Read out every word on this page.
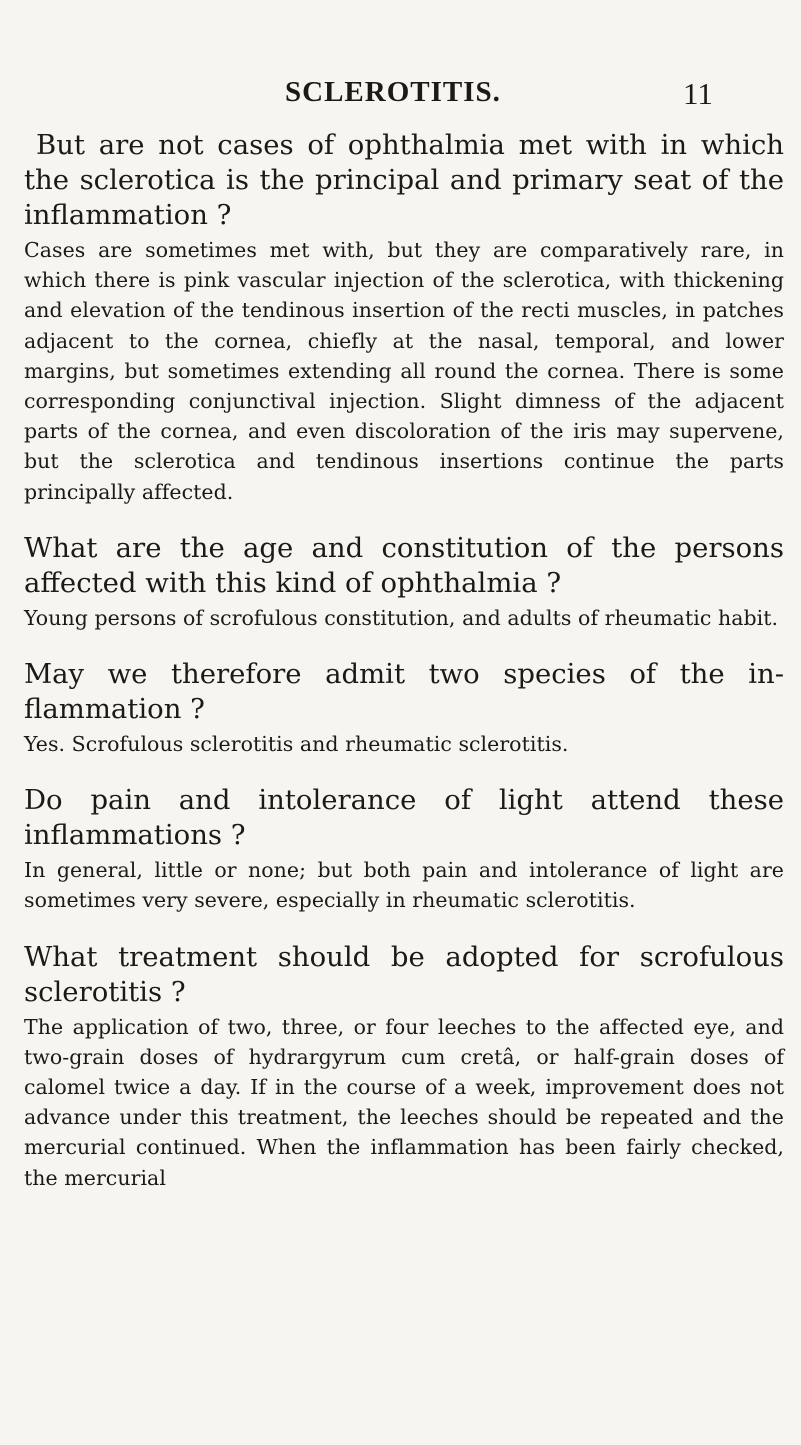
SCLEROTITIS.	11

But are not cases of ophthalmia met with in which the sclerotica is the principal and primary seat of the inflammation ?

Cases are sometimes met with, but they are comparatively rare, in which there is pink vascular injection of the sclerotica, with thickening and elevation of the tendinous insertion of the recti muscles, in patches adjacent to the cornea, chiefly at the nasal, temporal, and lower margins, but sometimes extending all round the cornea. There is some corresponding conjunctival injection. Slight dimness of the adjacent parts of the cornea, and even discoloration of the iris may supervene, but the sclerotica and tendinous insertions continue the parts principally affected.

What are the age and constitution of the persons affected with this kind of ophthalmia ?

Young persons of scrofulous constitution, and adults of rheumatic habit.

May we therefore admit two species of the inflammation ?

Yes. Scrofulous sclerotitis and rheumatic sclerotitis.

Do pain and intolerance of light attend these inflammations ?

In general, little or none; but both pain and intolerance of light are sometimes very severe, especially in rheumatic sclerotitis.

What treatment should be adopted for scrofulous sclerotitis ?

The application of two, three, or four leeches to the affected eye, and two-grain doses of hydrargyrum cum cretâ, or half-grain doses of calomel twice a day. If in the course of a week, improvement does not advance under this treatment, the leeches should be repeated and the mercurial continued. When the inflammation has been fairly checked, the mercurial
